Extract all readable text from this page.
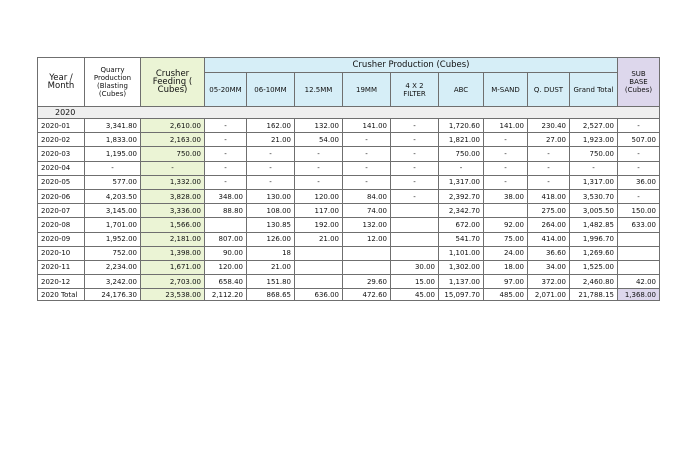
Year / Month	Quarry Production (Blasting (Cubes)	Crusher Feeding ( Cubes)	Crusher Production (Cubes)									SUB BASE (Cubes)
			05-20MM	06-10MM	12.5MM	19MM	4 X 2 FILTER	ABC	M-SAND	Q. DUST	Grand Total	
2020												
2020-01	3,341.80	2,610.00	-	162.00	132.00	141.00	-	1,720.60	141.00	230.40	2,527.00	-
2020-02	1,833.00	2,163.00	-	21.00	54.00	-	-	1,821.00	-	27.00	1,923.00	507.00
2020-03	1,195.00	750.00	-	-	-	-	-	750.00	-	-	750.00	-
2020-04	-	-	-	-	-	-	-	-	-	-	-	-
2020-05	577.00	1,332.00	-	-	-	-	-	1,317.00	-	-	1,317.00	36.00
2020-06	4,203.50	3,828.00	348.00	130.00	120.00	84.00	-	2,392.70	38.00	418.00	3,530.70	-
2020-07	3,145.00	3,336.00	88.80	108.00	117.00	74.00		2,342.70		275.00	3,005.50	150.00
2020-08	1,701.00	1,566.00		130.85	192.00	132.00		672.00	92.00	264.00	1,482.85	633.00
2020-09	1,952.00	2,181.00	807.00	126.00	21.00	12.00		541.70	75.00	414.00	1,996.70	
2020-10	752.00	1,398.00	90.00	18				1,101.00	24.00	36.60	1,269.60	
2020-11	2,234.00	1,671.00	120.00	21.00			30.00	1,302.00	18.00	34.00	1,525.00	
2020-12	3,242.00	2,703.00	658.40	151.80		29.60	15.00	1,137.00	97.00	372.00	2,460.80	42.00
2020 Total	24,176.30	23,538.00	2,112.20	868.65	636.00	472.60	45.00	15,097.70	485.00	2,071.00	21,788.15	1,368.00
